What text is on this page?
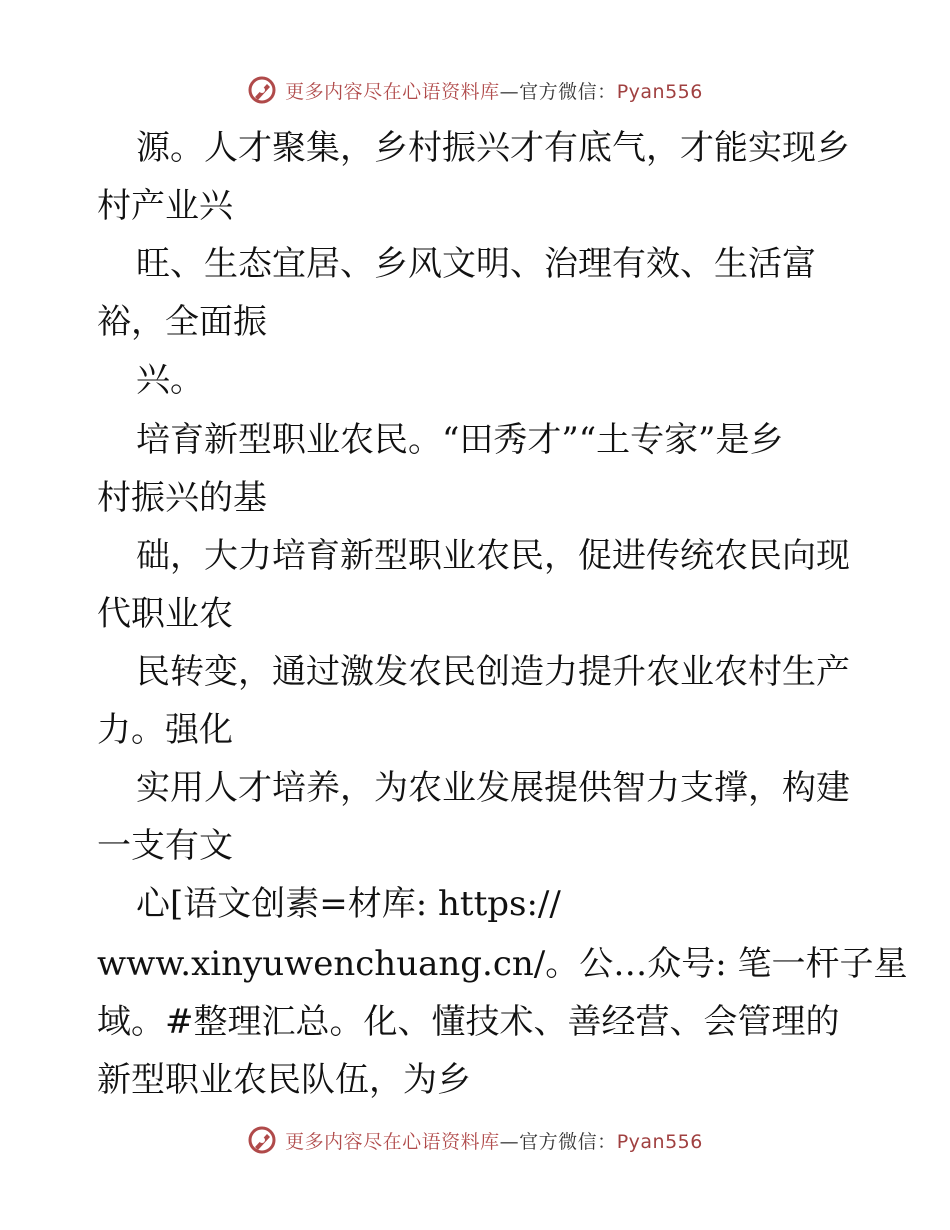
更多内容尽在心语资料库—官方微信：Pyan556
源。人才聚集，乡村振兴才有底气，才能实现乡
村产业兴
旺、生态宜居、乡风文明、治理有效、生活富
裕，全面振
兴。
培育新型职业农民。“田秀才”“土专家”是乡
村振兴的基
础，大力培育新型职业农民，促进传统农民向现
代职业农
民转变，通过激发农民创造力提升农业农村生产
力。强化
实用人才培养，为农业发展提供智力支撑，构建
一支有文
心[语文创素=材库: https://
www.xinyuwenchuang.cn/。公…众号: 笔一杆子星
域。#整理汇总。化、懂技术、善经营、会管理的
新型职业农民队伍，为乡
更多内容尽在心语资料库—官方微信：Pyan556
